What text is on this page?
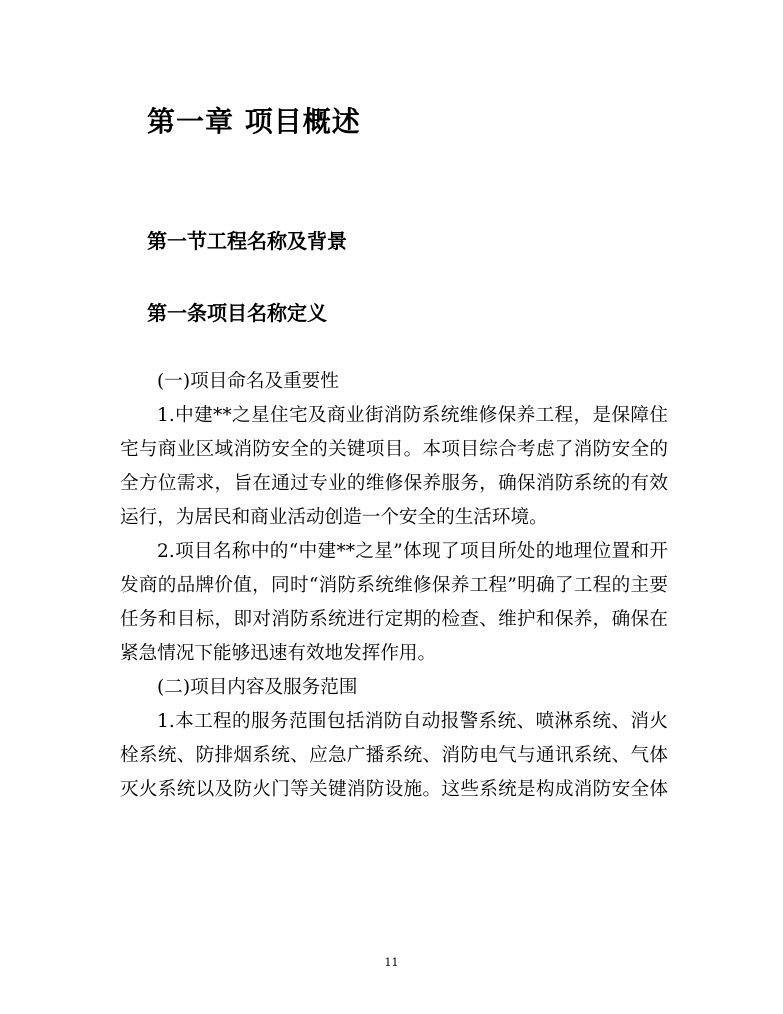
第一章 项目概述
第一节工程名称及背景
第一条项目名称定义

(一)项目命名及重要性

1.中建**之星住宅及商业街消防系统维修保养工程，是保障住

宅与商业区域消防安全的关键项目。本项目综合考虑了消防安全的

全方位需求，旨在通过专业的维修保养服务，确保消防系统的有效

运行，为居民和商业活动创造一个安全的生活环境。

2.项目名称中的“中建**之星”体现了项目所处的地理位置和开

发商的品牌价值，同时“消防系统维修保养工程”明确了工程的主要

任务和目标，即对消防系统进行定期的检查、维护和保养，确保在

紧急情况下能够迅速有效地发挥作用。

(二)项目内容及服务范围

1.本工程的服务范围包括消防自动报警系统、喷淋系统、消火

栓系统、防排烟系统、应急广播系统、消防电气与通讯系统、气体

灭火系统以及防火门等关键消防设施。这些系统是构成消防安全体

11
